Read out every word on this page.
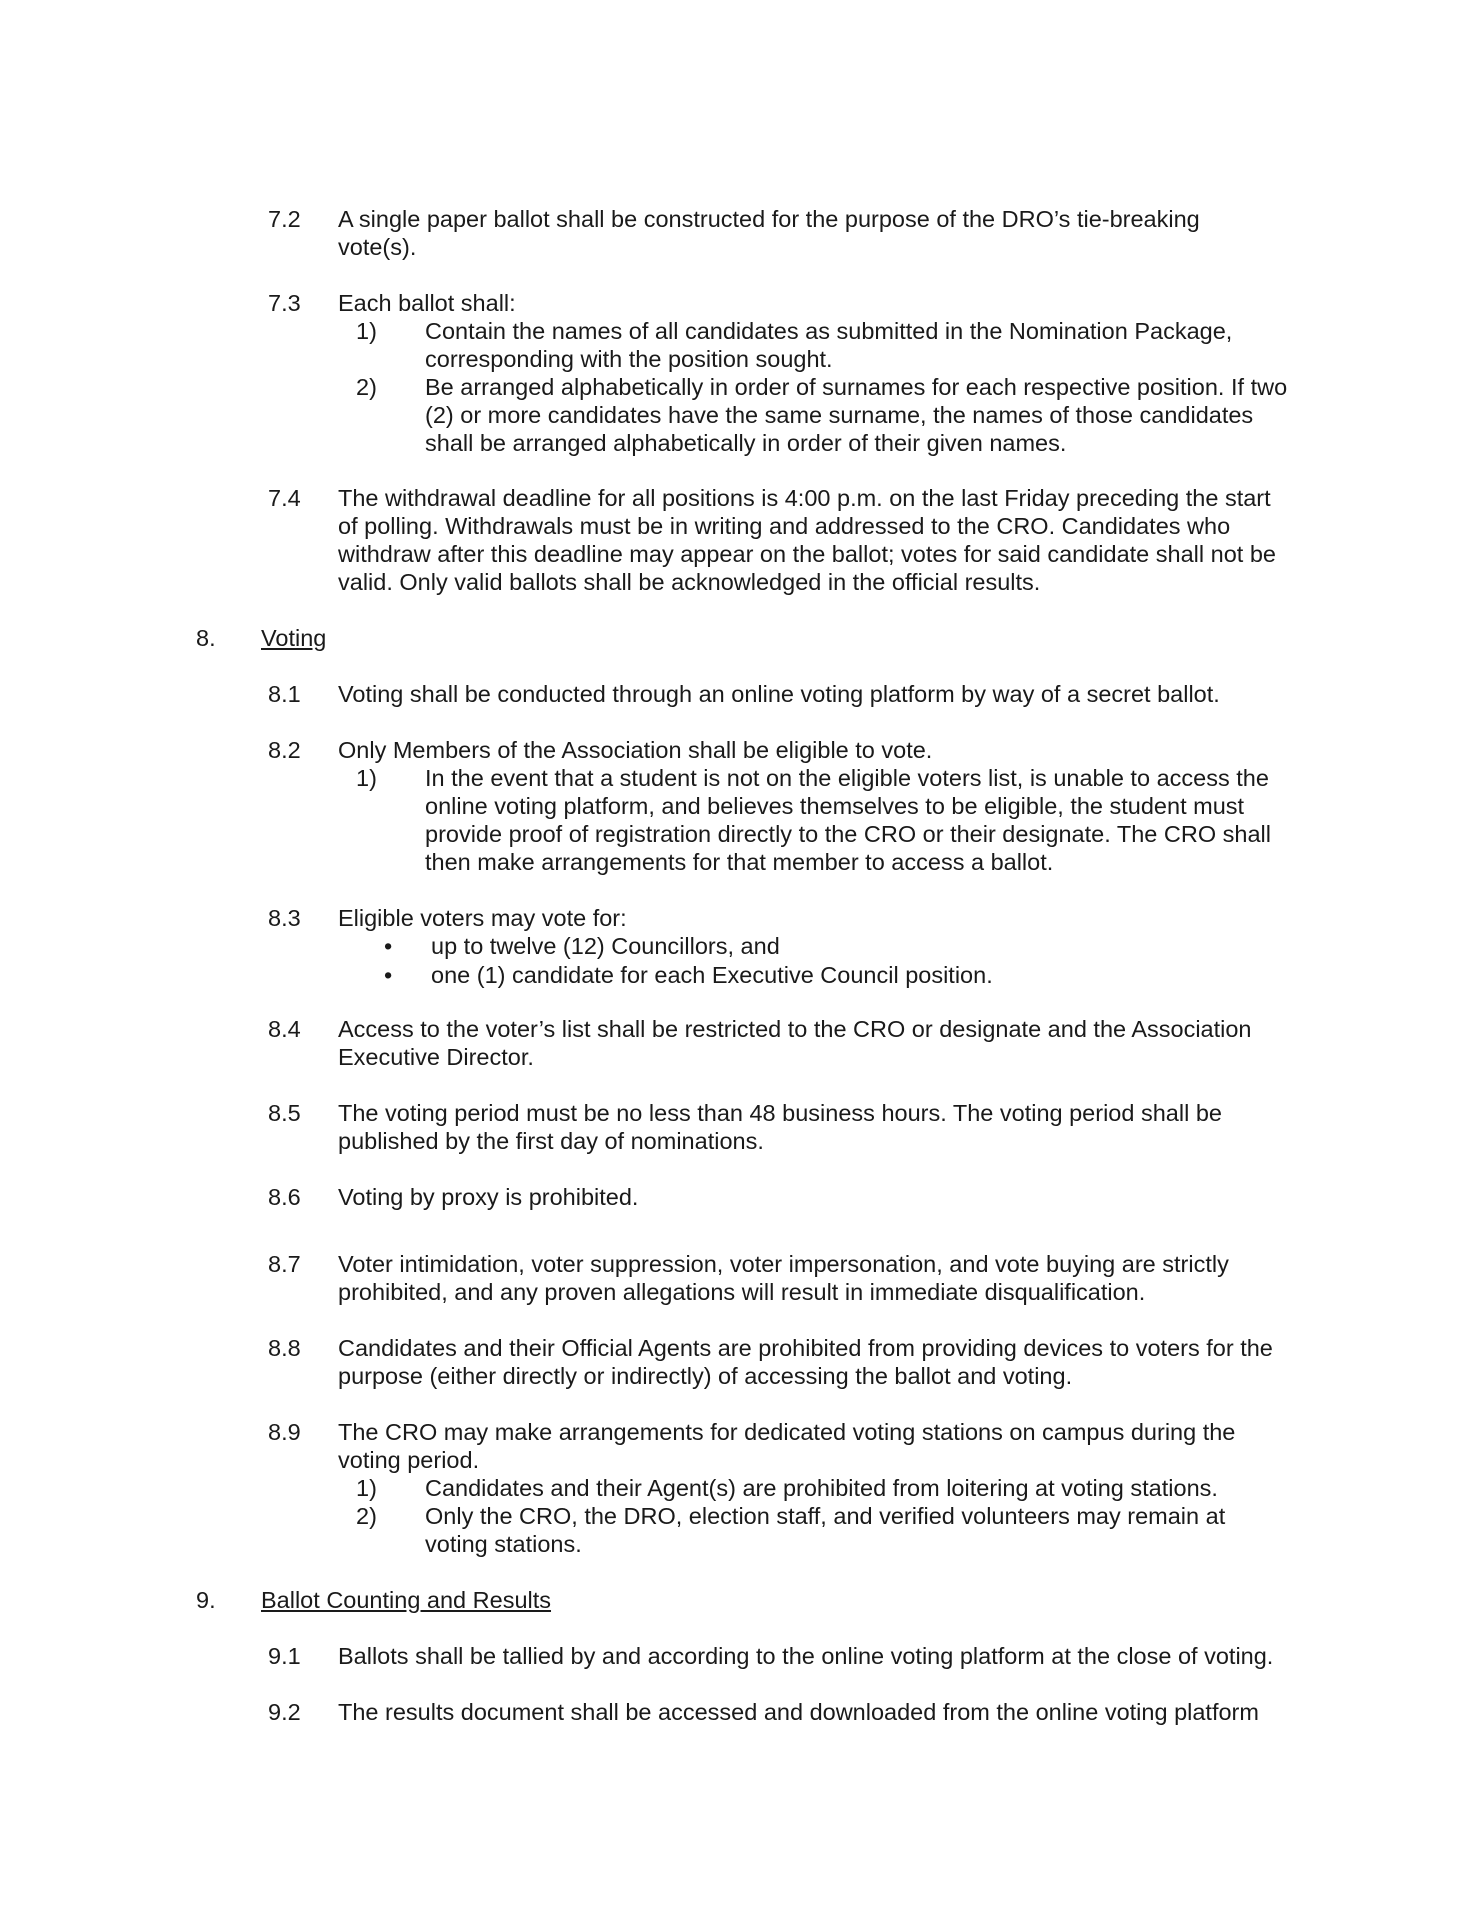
7.2 A single paper ballot shall be constructed for the purpose of the DRO’s tie-breaking
vote(s).
7.3 Each ballot shall:
1) Contain the names of all candidates as submitted in the Nomination Package,
corresponding with the position sought.
2) Be arranged alphabetically in order of surnames for each respective position. If two
(2) or more candidates have the same surname, the names of those candidates
shall be arranged alphabetically in order of their given names.
7.4 The withdrawal deadline for all positions is 4:00 p.m. on the last Friday preceding the start
of polling. Withdrawals must be in writing and addressed to the CRO. Candidates who
withdraw after this deadline may appear on the ballot; votes for said candidate shall not be
valid. Only valid ballots shall be acknowledged in the official results.
8. Voting
8.1 Voting shall be conducted through an online voting platform by way of a secret ballot.
8.2 Only Members of the Association shall be eligible to vote.
1) In the event that a student is not on the eligible voters list, is unable to access the
online voting platform, and believes themselves to be eligible, the student must
provide proof of registration directly to the CRO or their designate. The CRO shall
then make arrangements for that member to access a ballot.
8.3 Eligible voters may vote for:
• up to twelve (12) Councillors, and
• one (1) candidate for each Executive Council position.
8.4 Access to the voter’s list shall be restricted to the CRO or designate and the Association
Executive Director.
8.5 The voting period must be no less than 48 business hours. The voting period shall be
published by the first day of nominations.
8.6 Voting by proxy is prohibited.
8.7 Voter intimidation, voter suppression, voter impersonation, and vote buying are strictly
prohibited, and any proven allegations will result in immediate disqualification.
8.8 Candidates and their Official Agents are prohibited from providing devices to voters for the
purpose (either directly or indirectly) of accessing the ballot and voting.
8.9 The CRO may make arrangements for dedicated voting stations on campus during the
voting period.
1) Candidates and their Agent(s) are prohibited from loitering at voting stations.
2) Only the CRO, the DRO, election staff, and verified volunteers may remain at
voting stations.
9. Ballot Counting and Results
9.1 Ballots shall be tallied by and according to the online voting platform at the close of voting.
9.2 The results document shall be accessed and downloaded from the online voting platform
